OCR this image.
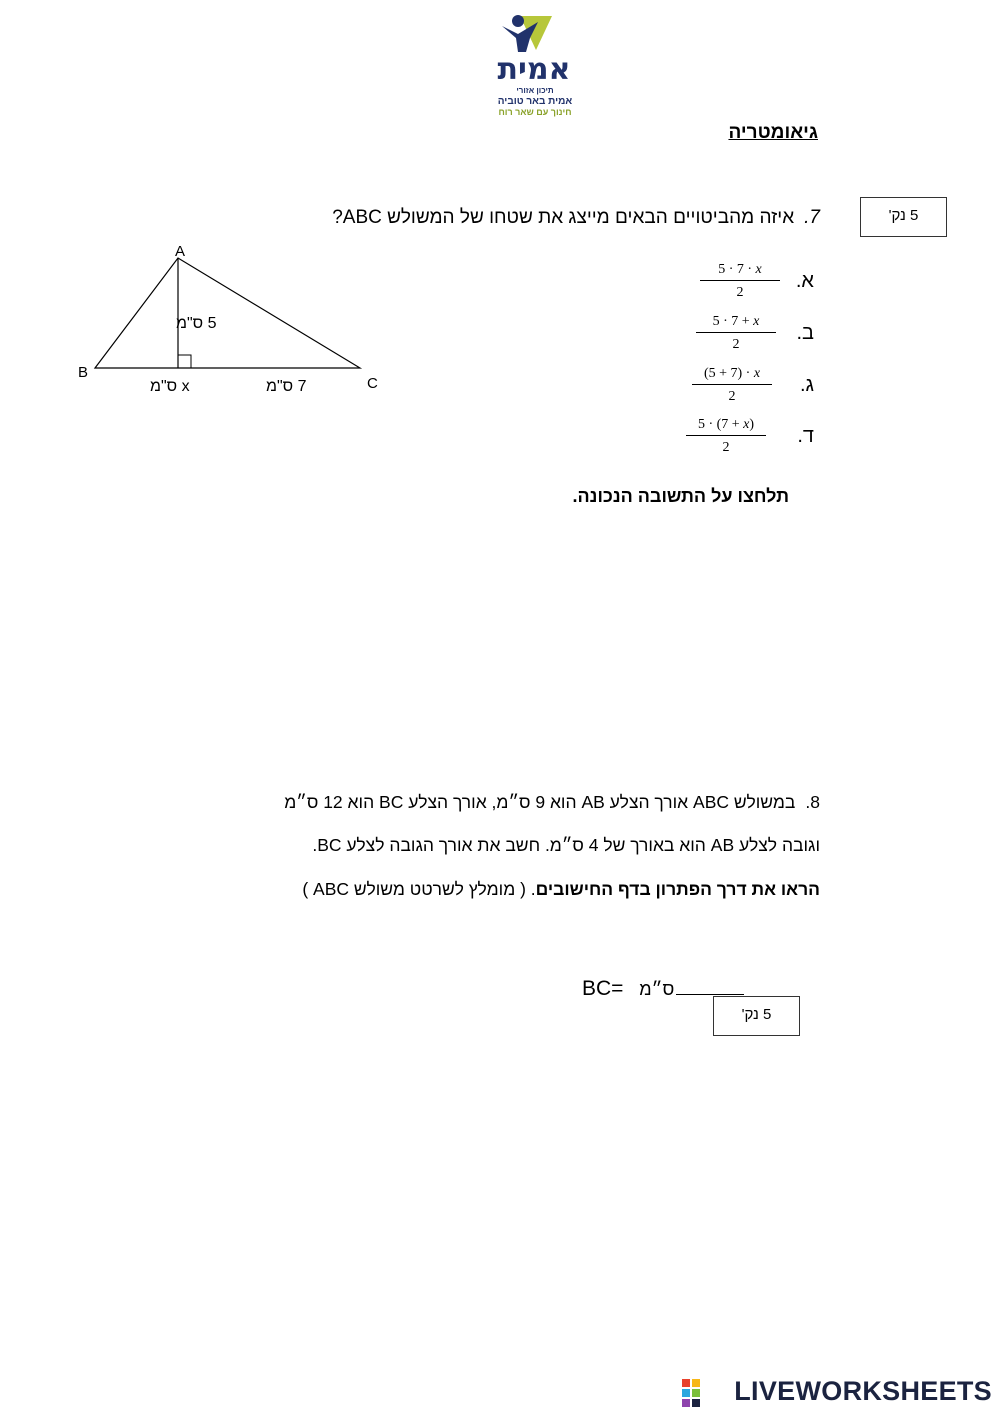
אמית
תיכון אזורי
אמית באר טוביה
חינוך עם שאר רוח
גיאומטריה
5 נק'
7.איזה מהביטויים הבאים מייצג את שטחו של המשולש ABC?
A
B
C
5 ס"מ
x ס"מ	7 ס"מ
א.
$\frac{5 \cdot 7 \cdot x}{2}$
ב.
$\frac{5 \cdot 7 + x}{2}$
ג.
$\frac{(5 + 7) \cdot x}{2}$
ד.
$\frac{5 \cdot (7 + x)}{2}$
תלחצו על התשובה הנכונה.
8.במשולש ABC אורך הצלע AB הוא 9 ס״מ, אורך הצלע BC הוא 12 ס״מ
וגובה לצלע AB הוא באורך של 4 ס״מ. חשב את אורך הגובה לצלע BC.
הראו את דרך הפתרון בדף החישובים. ( מומלץ לשרטט משולש ABC )
BC= ס״מ
5 נק'
LIVEWORKSHEETS
